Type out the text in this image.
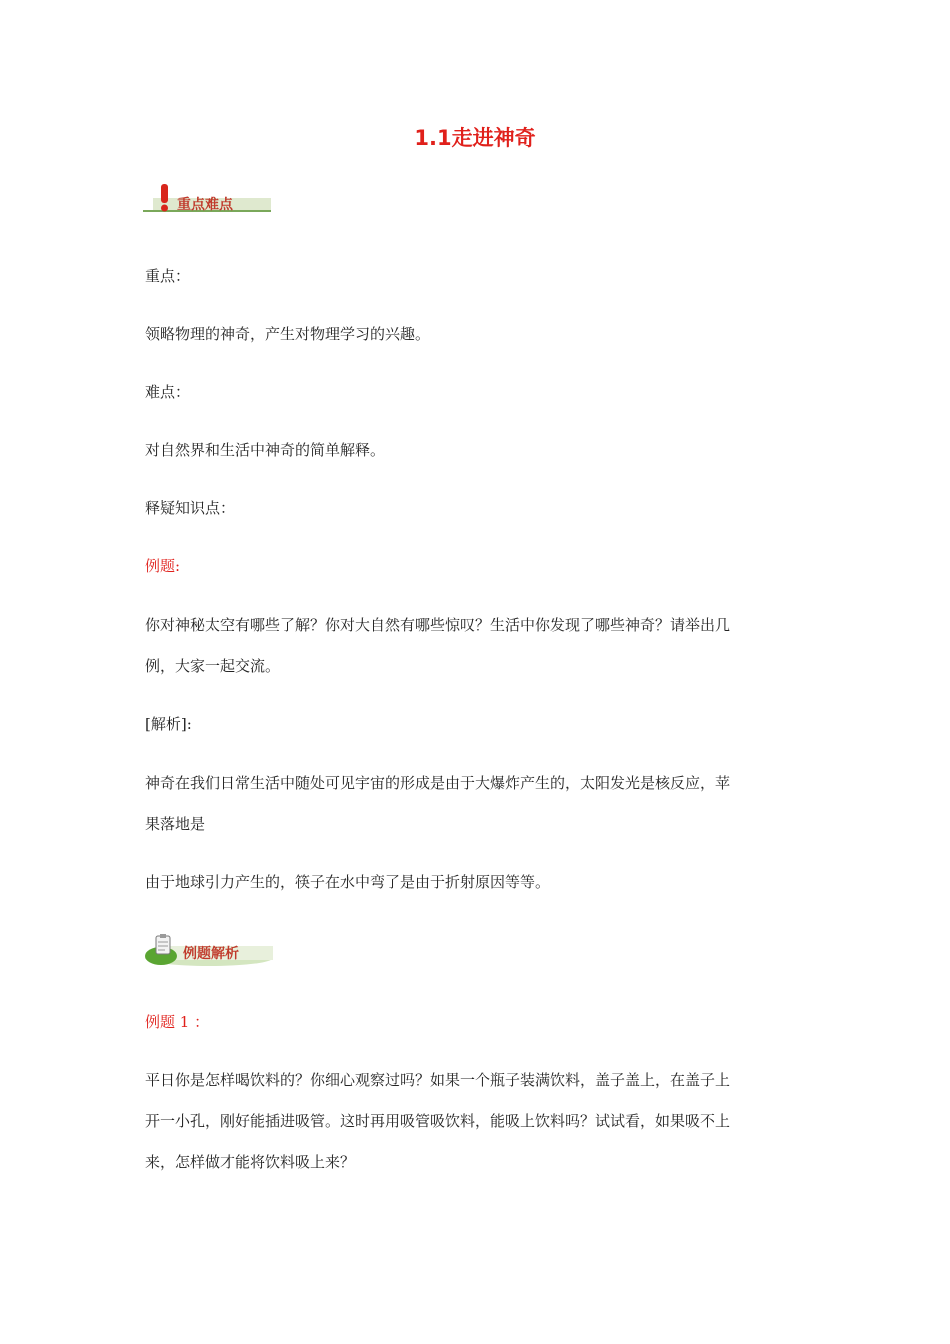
1.1走进神奇
重点难点
重点：
领略物理的神奇，产生对物理学习的兴趣。
难点：
对自然界和生活中神奇的简单解释。
释疑知识点：
例题:
你对神秘太空有哪些了解？你对大自然有哪些惊叹？生活中你发现了哪些神奇？请举出几
例，大家一起交流。
[解析]:
神奇在我们日常生活中随处可见宇宙的形成是由于大爆炸产生的，太阳发光是核反应，苹
果落地是
由于地球引力产生的，筷子在水中弯了是由于折射原因等等。
例题解析
例题 1 ：
平日你是怎样喝饮料的？你细心观察过吗？如果一个瓶子装满饮料，盖子盖上，在盖子上
开一小孔，刚好能插进吸管。这时再用吸管吸饮料，能吸上饮料吗？试试看，如果吸不上
来，怎样做才能将饮料吸上来？
